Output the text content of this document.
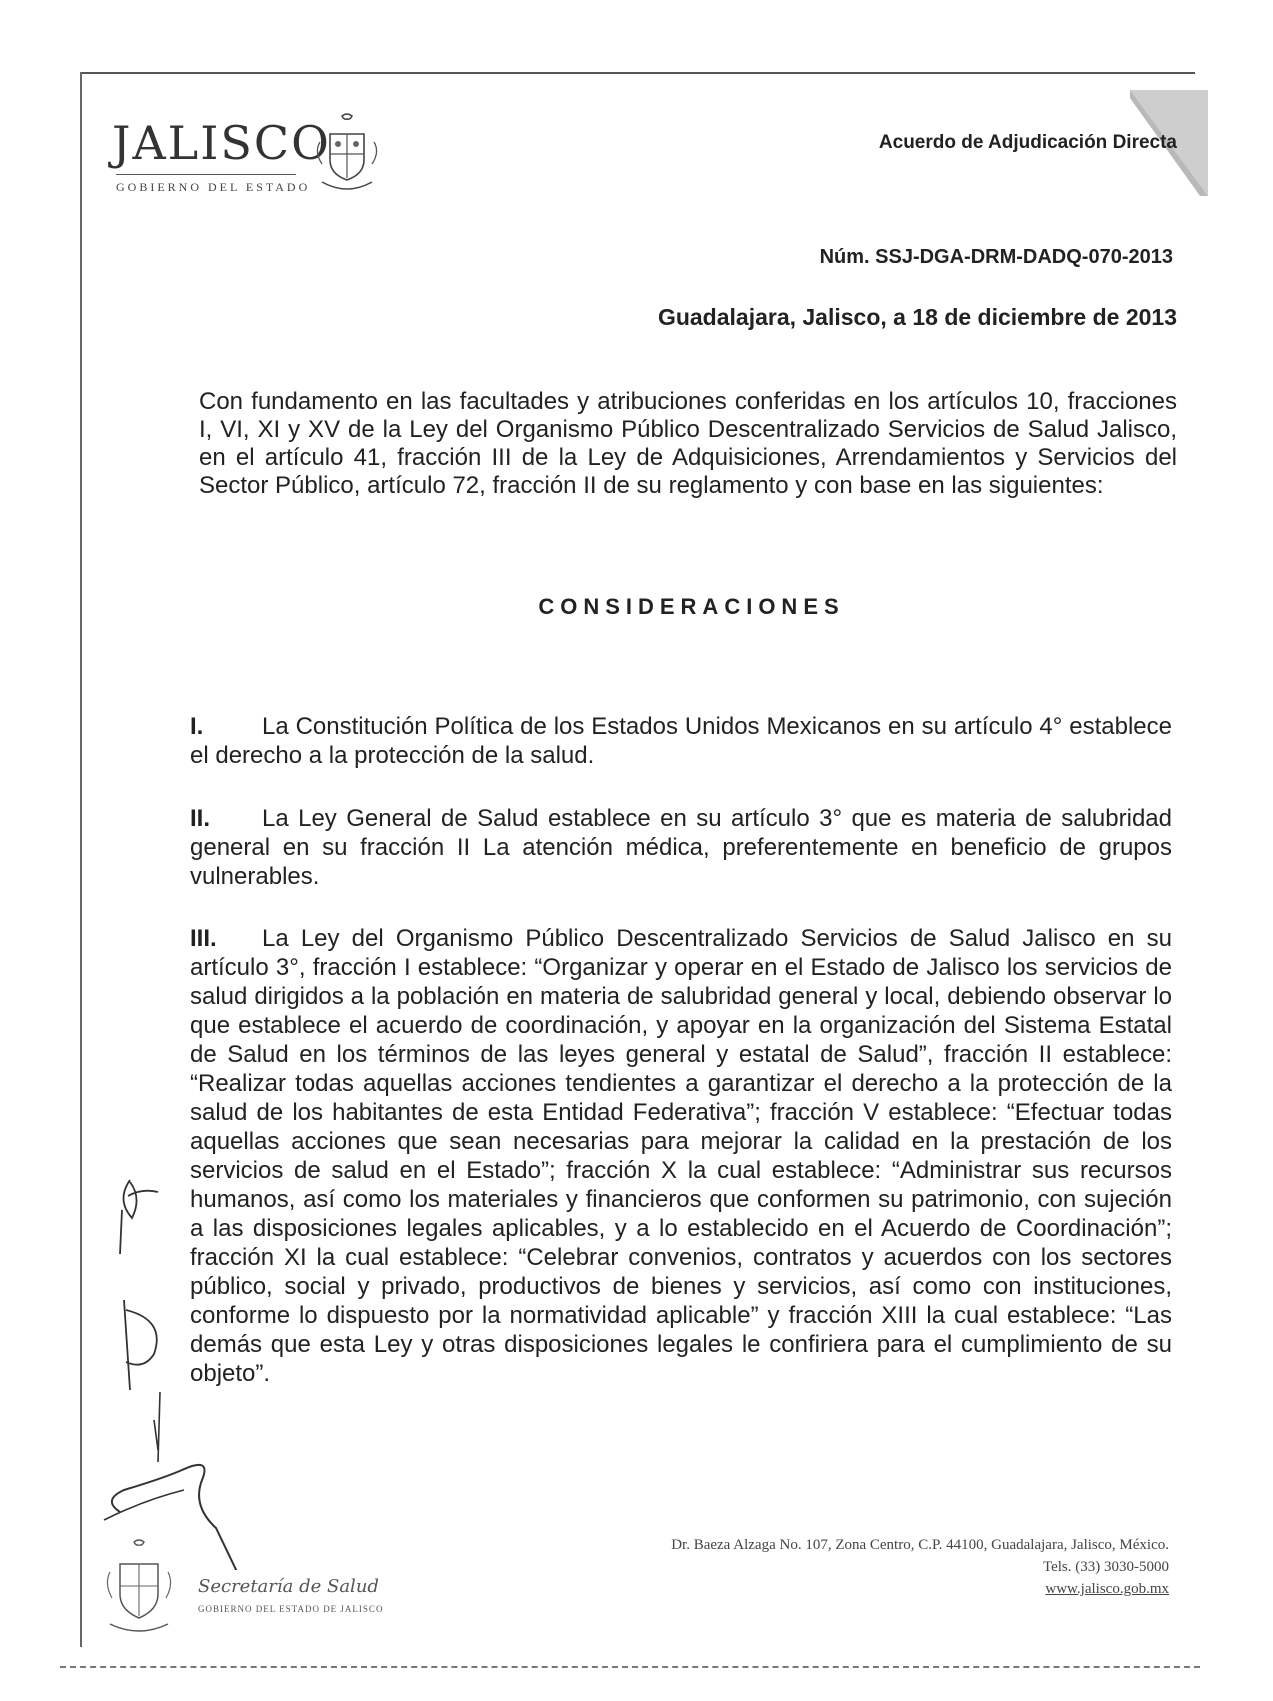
JALISCO
GOBIERNO DEL ESTADO
Acuerdo de Adjudicación Directa
Núm. SSJ-DGA-DRM-DADQ-070-2013
Guadalajara, Jalisco, a 18 de diciembre de 2013
Con fundamento en las facultades y atribuciones conferidas en los artículos 10, fracciones I, VI, XI y XV de la Ley del Organismo Público Descentralizado Servicios de Salud Jalisco, en el artículo 41, fracción III de la Ley de Adquisiciones, Arrendamientos y Servicios del Sector Público, artículo 72, fracción II de su reglamento y con base en las siguientes:
CONSIDERACIONES
I. La Constitución Política de los Estados Unidos Mexicanos en su artículo 4° establece el derecho a la protección de la salud.
II. La Ley General de Salud establece en su artículo 3° que es materia de salubridad general en su fracción II La atención médica, preferentemente en beneficio de grupos vulnerables.
III. La Ley del Organismo Público Descentralizado Servicios de Salud Jalisco en su artículo 3°, fracción I establece: “Organizar y operar en el Estado de Jalisco los servicios de salud dirigidos a la población en materia de salubridad general y local, debiendo observar lo que establece el acuerdo de coordinación, y apoyar en la organización del Sistema Estatal de Salud en los términos de las leyes general y estatal de Salud”, fracción II establece: “Realizar todas aquellas acciones tendientes a garantizar el derecho a la protección de la salud de los habitantes de esta Entidad Federativa”; fracción V establece: “Efectuar todas aquellas acciones que sean necesarias para mejorar la calidad en la prestación de los servicios de salud en el Estado”; fracción X la cual establece: “Administrar sus recursos humanos, así como los materiales y financieros que conformen su patrimonio, con sujeción a las disposiciones legales aplicables, y a lo establecido en el Acuerdo de Coordinación”; fracción XI la cual establece: “Celebrar convenios, contratos y acuerdos con los sectores público, social y privado, productivos de bienes y servicios, así como con instituciones, conforme lo dispuesto por la normatividad aplicable” y fracción XIII la cual establece: “Las demás que esta Ley y otras disposiciones legales le confiriera para el cumplimiento de su objeto”.
Secretaría de Salud
GOBIERNO DEL ESTADO DE JALISCO
Dr. Baeza Alzaga No. 107, Zona Centro, C.P. 44100, Guadalajara, Jalisco, México.
Tels. (33) 3030-5000
www.jalisco.gob.mx
